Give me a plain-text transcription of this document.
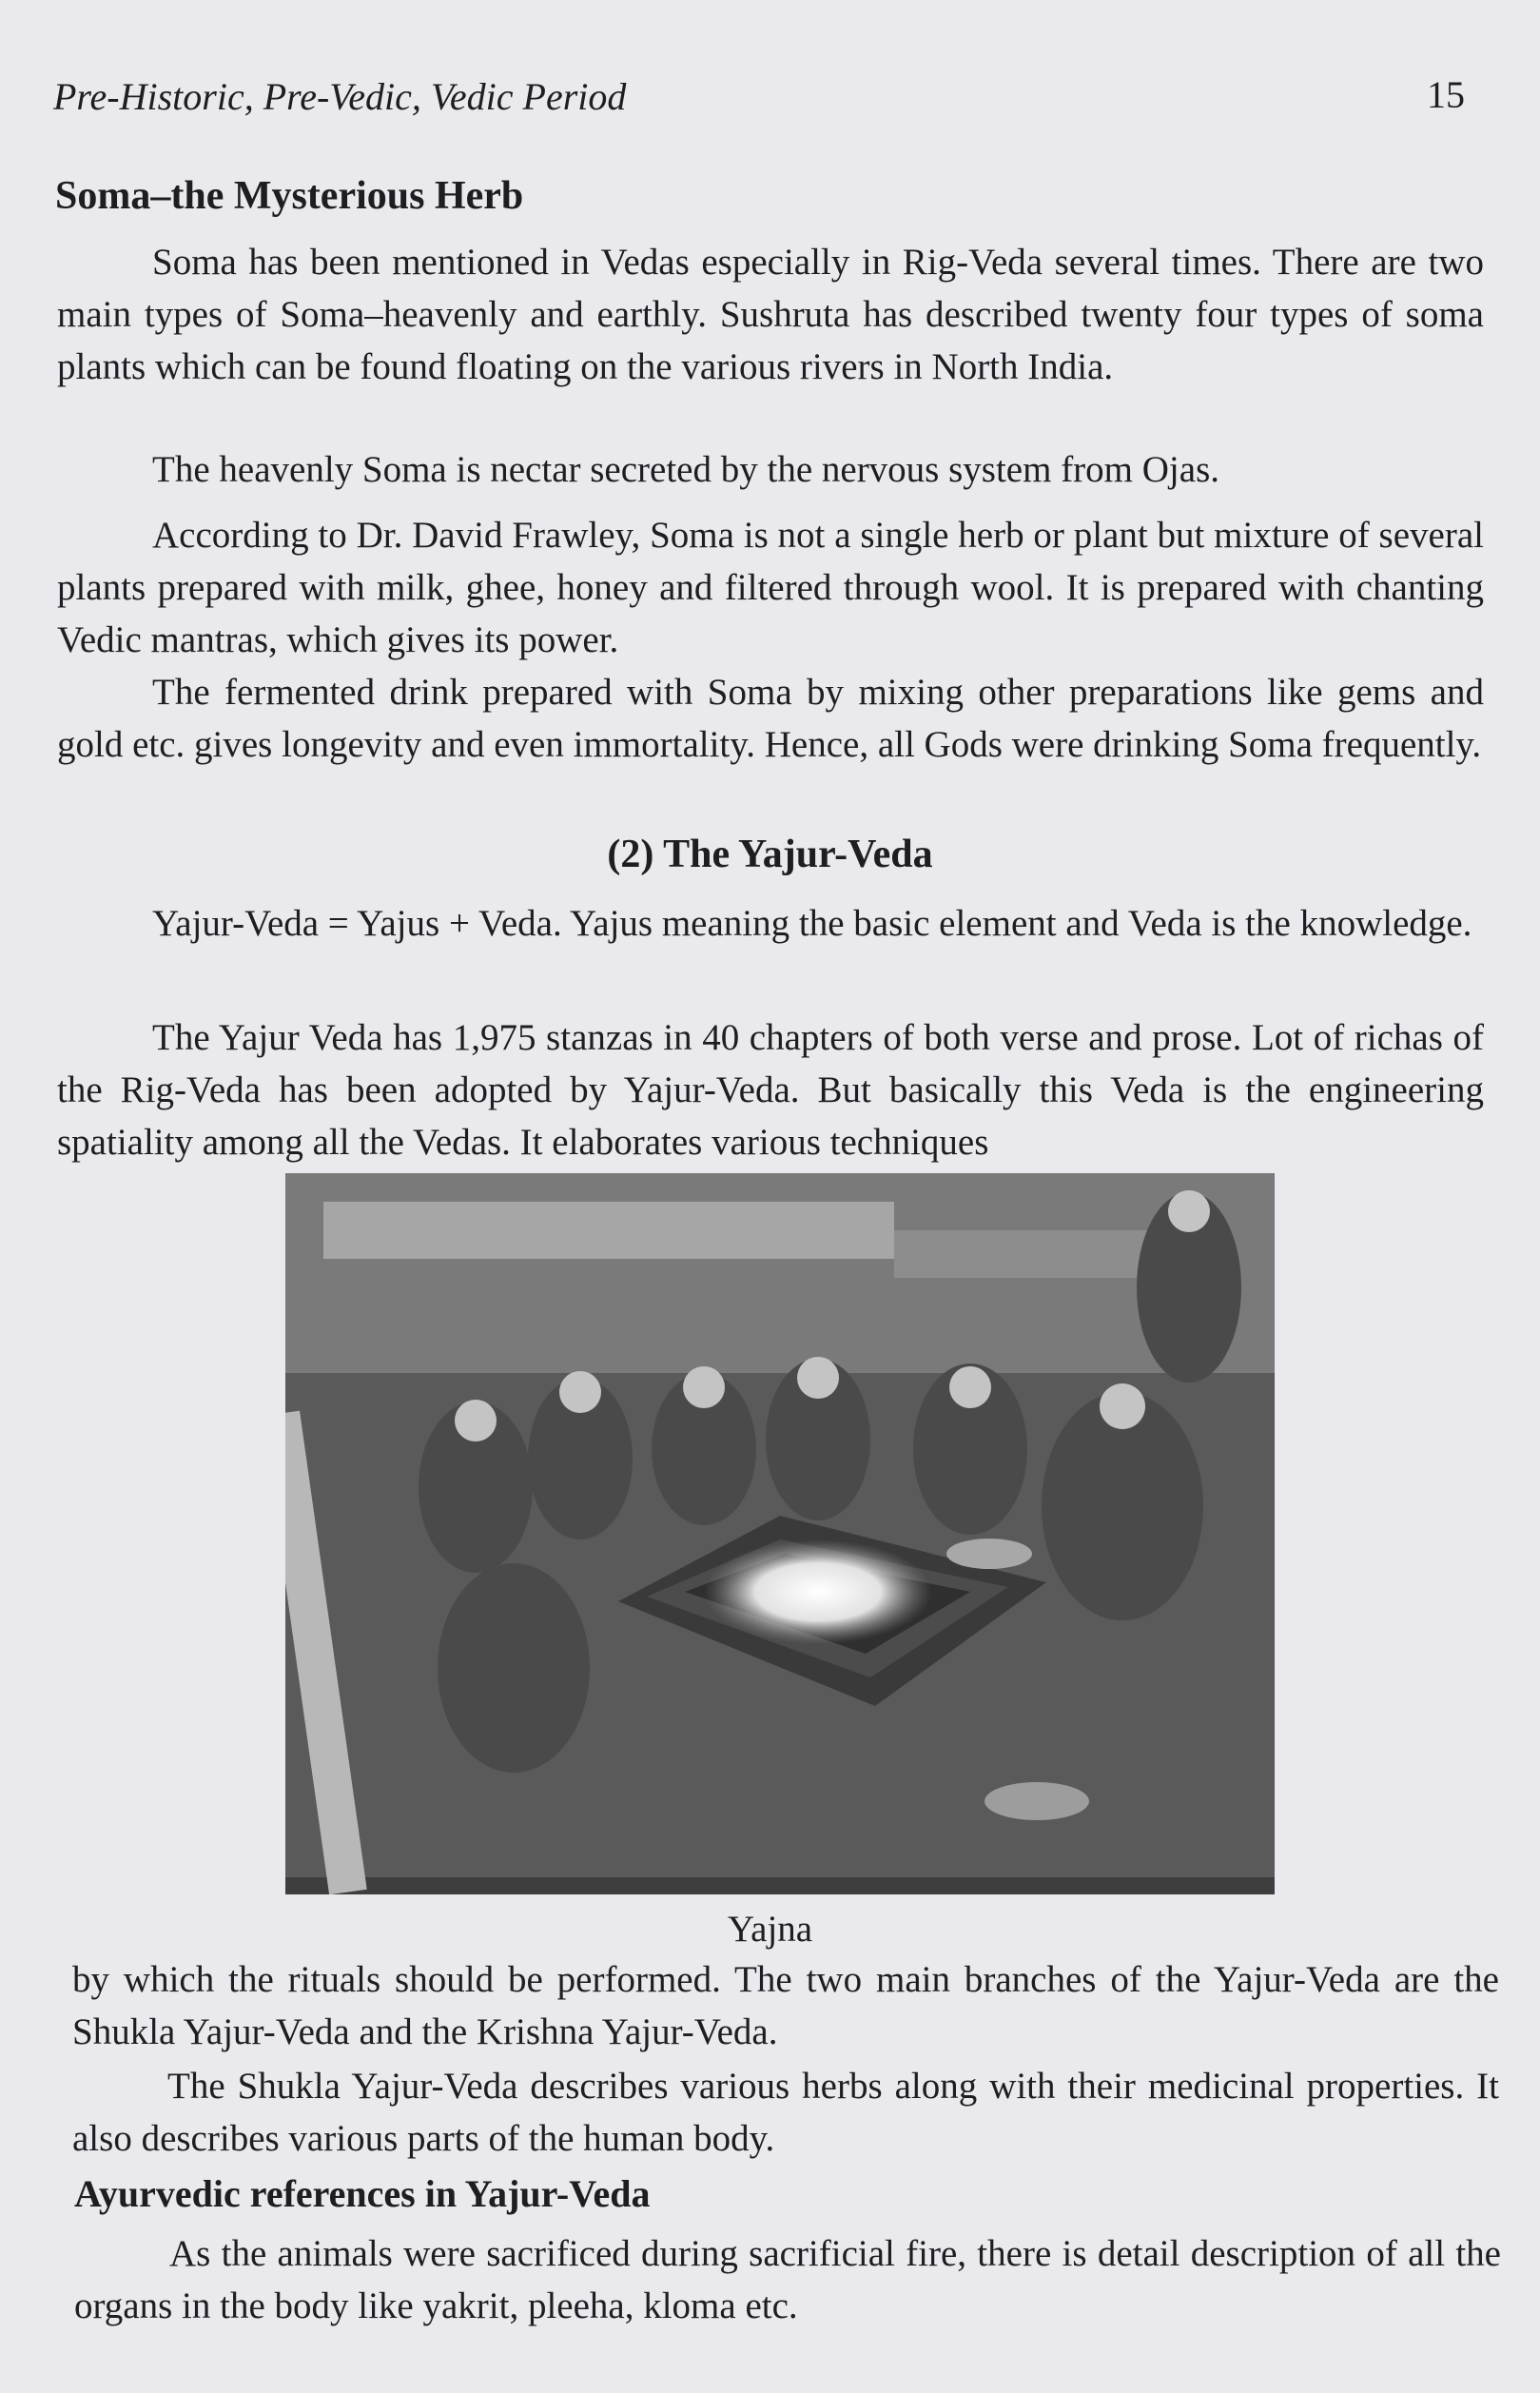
Pre-Historic, Pre-Vedic, Vedic Period	15
Soma–the Mysterious Herb
Soma has been mentioned in Vedas especially in Rig-Veda several times. There are two main types of Soma–heavenly and earthly. Sushruta has described twenty four types of soma plants which can be found floating on the various rivers in North India.
The heavenly Soma is nectar secreted by the nervous system from Ojas.
According to Dr. David Frawley, Soma is not a single herb or plant but mixture of several plants prepared with milk, ghee, honey and filtered through wool. It is prepared with chanting Vedic mantras, which gives its power.
The fermented drink prepared with Soma by mixing other preparations like gems and gold etc. gives longevity and even immortality. Hence, all Gods were drinking Soma frequently.
(2) The Yajur-Veda
Yajur-Veda = Yajus + Veda. Yajus meaning the basic element and Veda is the knowledge.
The Yajur Veda has 1,975 stanzas in 40 chapters of both verse and prose. Lot of richas of the Rig-Veda has been adopted by Yajur-Veda. But basically this Veda is the engineering spatiality among all the Vedas. It elaborates various techniques
Yajna
by which the rituals should be performed. The two main branches of the Yajur-Veda are the Shukla Yajur-Veda and the Krishna Yajur-Veda.
The Shukla Yajur-Veda describes various herbs along with their medicinal properties. It also describes various parts of the human body.
Ayurvedic references in Yajur-Veda
As the animals were sacrificed during sacrificial fire, there is detail description of all the organs in the body like yakrit, pleeha, kloma etc.
